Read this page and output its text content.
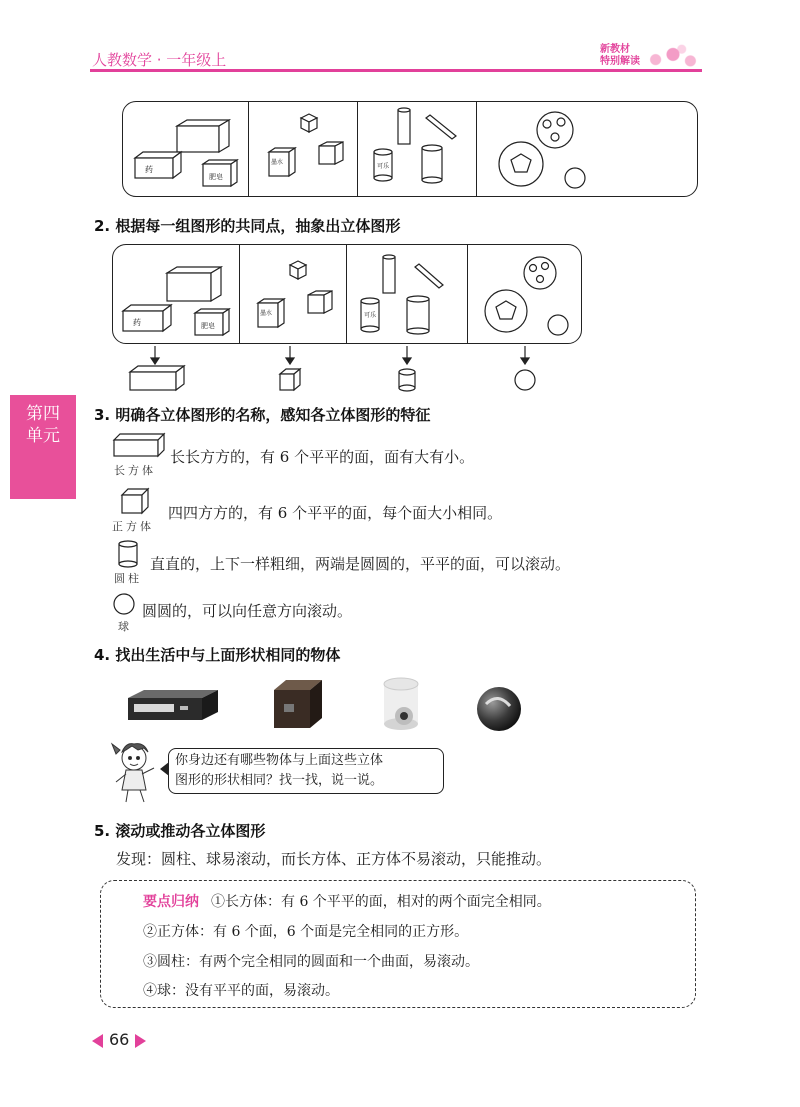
人教数学 · 一年级上
新教材
特别解读
第四
单元
药
肥皂
墨水
可乐
2. 根据每一组图形的共同点，抽象出立体图形
药	肥皂
墨水	可乐
3. 明确各立体图形的名称，感知各立体图形的特征
长方体
长长方方的，有 6 个平平的面，面有大有小。
正方体
四四方方的，有 6 个平平的面，每个面大小相同。
圆柱
直直的，上下一样粗细，两端是圆圆的，平平的面，可以滚动。
球
圆圆的，可以向任意方向滚动。
4. 找出生活中与上面形状相同的物体
你身边还有哪些物体与上面这些立体
图形的形状相同？找一找，说一说。
5. 滚动或推动各立体图形
发现：圆柱、球易滚动，而长方体、正方体不易滚动，只能推动。
要点归纳 ①长方体：有 6 个平平的面，相对的两个面完全相同。
②正方体：有 6 个面，6 个面是完全相同的正方形。
③圆柱：有两个完全相同的圆面和一个曲面，易滚动。
④球：没有平平的面，易滚动。
66
